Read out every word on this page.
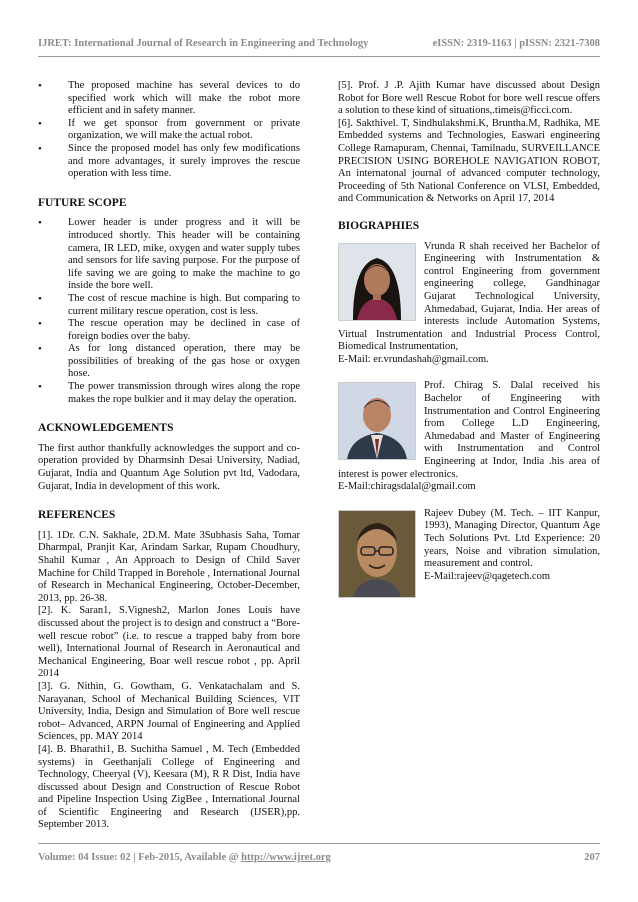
IJRET: International Journal of Research in Engineering and Technology	eISSN: 2319-1163 | pISSN: 2321-7308
• The proposed machine has several devices to do specified work which will make the robot more efficient and in safety manner.
• If we get sponsor from government or private organization, we will make the actual robot.
• Since the proposed model has only few modifications and more advantages, it surely improves the rescue operation with less time.
FUTURE SCOPE
• Lower header is under progress and it will be introduced shortly. This header will be containing camera, IR LED, mike, oxygen and water supply tubes and sensors for life saving purpose. For the purpose of life saving we are going to make the machine to go inside the bore well.
• The cost of rescue machine is high. But comparing to current military rescue operation, cost is less.
• The rescue operation may be declined in case of foreign bodies over the baby.
• As for long distanced operation, there may be possibilities of breaking of the gas hose or oxygen hose.
• The power transmission through wires along the rope makes the rope bulkier and it may delay the operation.
ACKNOWLEDGEMENTS

The first author thankfully acknowledges the support and co-operation provided by Dharmsinh Desai University, Nadiad, Gujarat, India and Quantum Age Solution pvt ltd, Vadodara, Gujarat, India in development of this work.

REFERENCES

[1]. 1Dr. C.N. Sakhale, 2D.M. Mate 3Subhasis Saha, Tomar Dharmpal, Pranjit Kar, Arindam Sarkar, Rupam Choudhury, Shahil Kumar , An Approach to Design of Child Saver Machine for Child Trapped in Borehole , International Journal of Research in Mechanical Engineering, October-December, 2013, pp. 26-38.

[2]. K. Saran1, S.Vignesh2, Marlon Jones Louis have discussed about the project is to design and construct a “Bore-well rescue robot” (i.e. to rescue a trapped baby from bore well), International Journal of Research in Aeronautical and Mechanical Engineering, Boar well rescue robot , pp. April 2014

[3]. G. Nithin, G. Gowtham, G. Venkatachalam and S. Narayanan, School of Mechanical Building Sciences, VIT University, India, Design and Simulation of Bore well rescue robot– Advanced, ARPN Journal of Engineering and Applied Sciences, pp. MAY 2014

[4]. B. Bharathi1, B. Suchitha Samuel , M. Tech (Embedded systems) in Geethanjali College of Engineering and Technology, Cheeryal (V), Keesara (M), R R Dist, India have discussed about Design and Construction of Rescue Robot and Pipeline Inspection Using ZigBee , International Journal of Scientific Engineering and Research (IJSER),pp. September 2013.

[5]. Prof. J .P. Ajith Kumar have discussed about Design Robot for Bore well Rescue Robot for bore well rescue offers a solution to these kind of situations,.timeis@ficci.com.

[6]. Sakthivel. T, Sindhulakshmi.K, Bruntha.M, Radhika, ME Embedded systems and Technologies, Easwari engineering College Ramapuram, Chennai, Tamilnadu, SURVEILLANCE PRECISION USING BOREHOLE NAVIGATION ROBOT, An internatonal journal of advanced computer technology, Proceeding of 5th National Conference on VLSI, Embedded, and Communication & Networks on April 17, 2014

BIOGRAPHIES
Vrunda R shah received her Bachelor of Engineering with Instrumentation & control Engineering from government engineering college, Gandhinagar Gujarat Technological University, Ahmedabad, Gujarat, India. Her areas of interests include Automation Systems, Virtual Instrumentation and Industrial Process Control, Biomedical Instrumentation,
E-Mail: er.vrundashah@gmail.com.
Prof. Chirag S. Dalal received his Bachelor of Engineering with Instrumentation and Control Engineering from College L.D Engineering, Ahmedabad and Master of Engineering with Instrumentation and Control Engineering at Indor, India .his area of interest is power electronics.
E-Mail:chiragsdalal@gmail.com
Rajeev Dubey (M. Tech. – IIT Kanpur, 1993), Managing Director, Quantum Age Tech Solutions Pvt. Ltd Experience: 20 years, Noise and vibration simulation, measurement and control.
E-Mail:rajeev@qagetech.com
Volume: 04 Issue: 02 | Feb-2015, Available @ http://www.ijret.org	207
